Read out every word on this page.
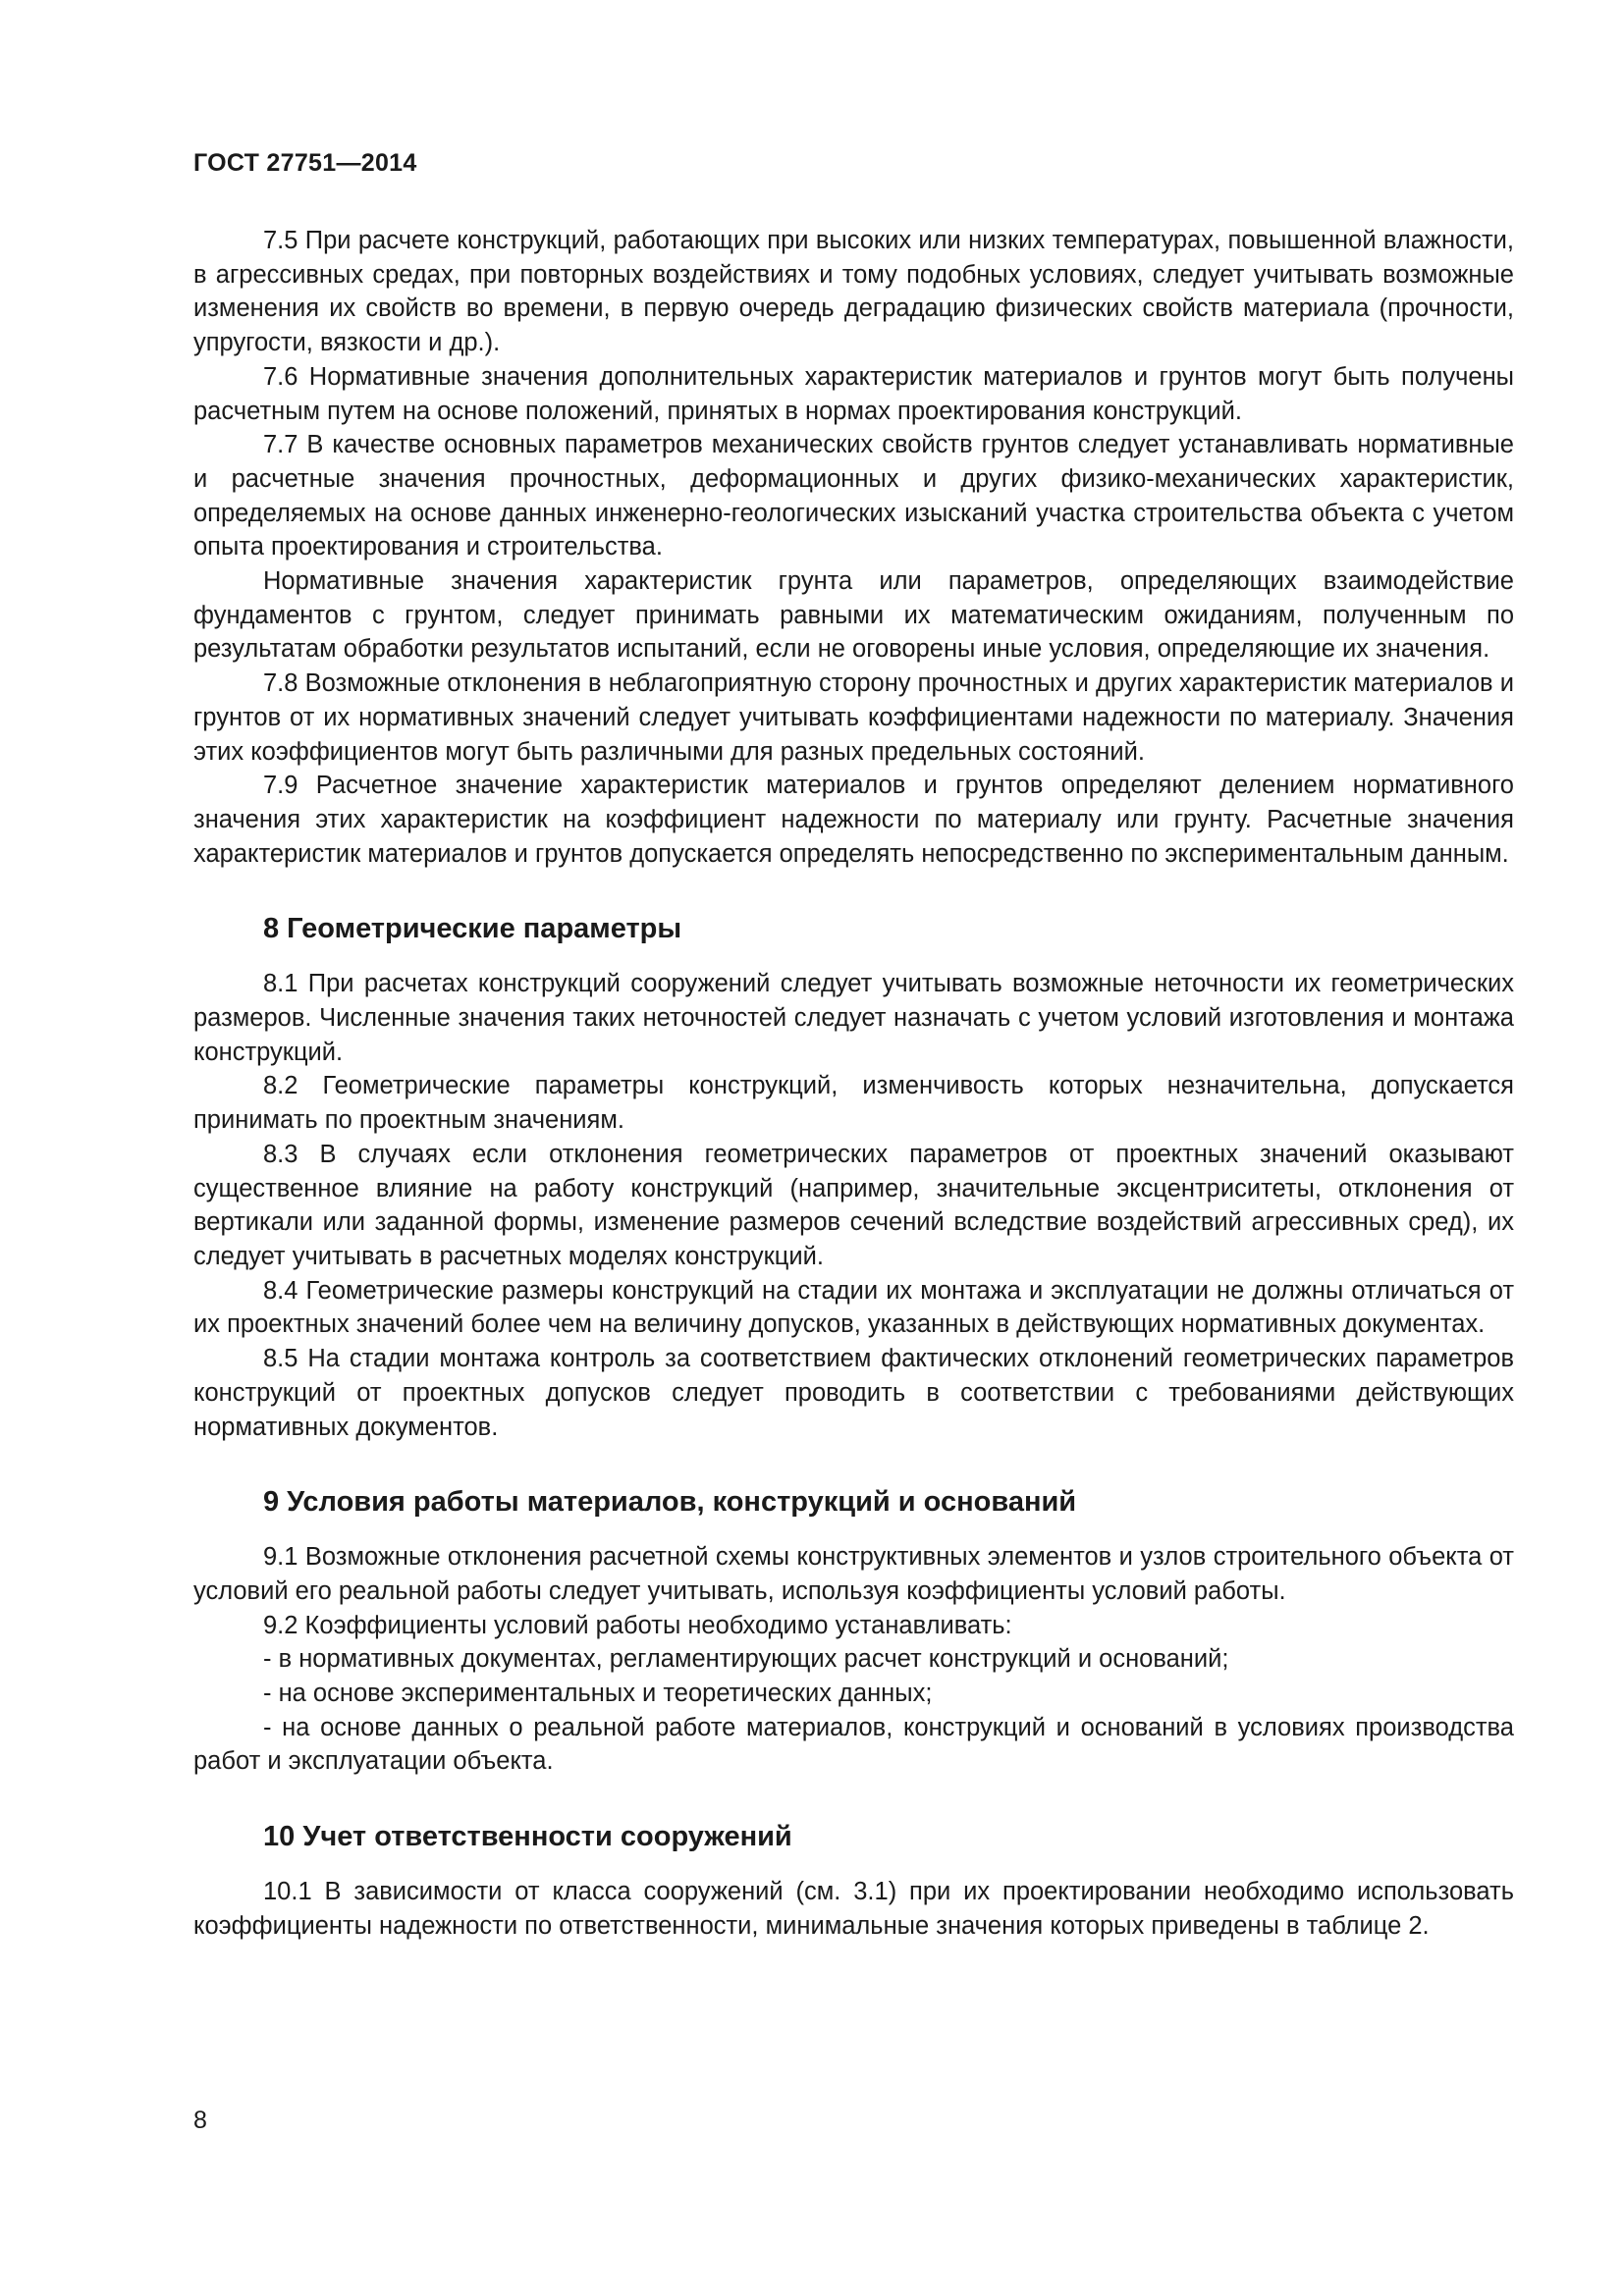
ГОСТ 27751—2014

7.5 При расчете конструкций, работающих при высоких или низких температурах, повышенной влажности, в агрессивных средах, при повторных воздействиях и тому подобных условиях, следует учитывать возможные изменения их свойств во времени, в первую очередь деградацию физических свойств материала (прочности, упругости, вязкости и др.).

7.6 Нормативные значения дополнительных характеристик материалов и грунтов могут быть получены расчетным путем на основе положений, принятых в нормах проектирования конструкций.

7.7 В качестве основных параметров механических свойств грунтов следует устанавливать нормативные и расчетные значения прочностных, деформационных и других физико-механических характеристик, определяемых на основе данных инженерно-геологических изысканий участка строительства объекта с учетом опыта проектирования и строительства.

Нормативные значения характеристик грунта или параметров, определяющих взаимодействие фундаментов с грунтом, следует принимать равными их математическим ожиданиям, полученным по результатам обработки результатов испытаний, если не оговорены иные условия, определяющие их значения.

7.8 Возможные отклонения в неблагоприятную сторону прочностных и других характеристик материалов и грунтов от их нормативных значений следует учитывать коэффициентами надежности по материалу. Значения этих коэффициентов могут быть различными для разных предельных состояний.

7.9 Расчетное значение характеристик материалов и грунтов определяют делением нормативного значения этих характеристик на коэффициент надежности по материалу или грунту. Расчетные значения характеристик материалов и грунтов допускается определять непосредственно по экспериментальным данным.

8 Геометрические параметры

8.1 При расчетах конструкций сооружений следует учитывать возможные неточности их геометрических размеров. Численные значения таких неточностей следует назначать с учетом условий изготовления и монтажа конструкций.

8.2 Геометрические параметры конструкций, изменчивость которых незначительна, допускается принимать по проектным значениям.

8.3 В случаях если отклонения геометрических параметров от проектных значений оказывают существенное влияние на работу конструкций (например, значительные эксцентриситеты, отклонения от вертикали или заданной формы, изменение размеров сечений вследствие воздействий агрессивных сред), их следует учитывать в расчетных моделях конструкций.

8.4 Геометрические размеры конструкций на стадии их монтажа и эксплуатации не должны отличаться от их проектных значений более чем на величину допусков, указанных в действующих нормативных документах.

8.5 На стадии монтажа контроль за соответствием фактических отклонений геометрических параметров конструкций от проектных допусков следует проводить в соответствии с требованиями действующих нормативных документов.

9 Условия работы материалов, конструкций и оснований

9.1 Возможные отклонения расчетной схемы конструктивных элементов и узлов строительного объекта от условий его реальной работы следует учитывать, используя коэффициенты условий работы.

9.2 Коэффициенты условий работы необходимо устанавливать:

- в нормативных документах, регламентирующих расчет конструкций и оснований;

- на основе экспериментальных и теоретических данных;

- на основе данных о реальной работе материалов, конструкций и оснований в условиях производства работ и эксплуатации объекта.

10 Учет ответственности сооружений

10.1 В зависимости от класса сооружений (см. 3.1) при их проектировании необходимо использовать коэффициенты надежности по ответственности, минимальные значения которых приведены в таблице 2.

8
